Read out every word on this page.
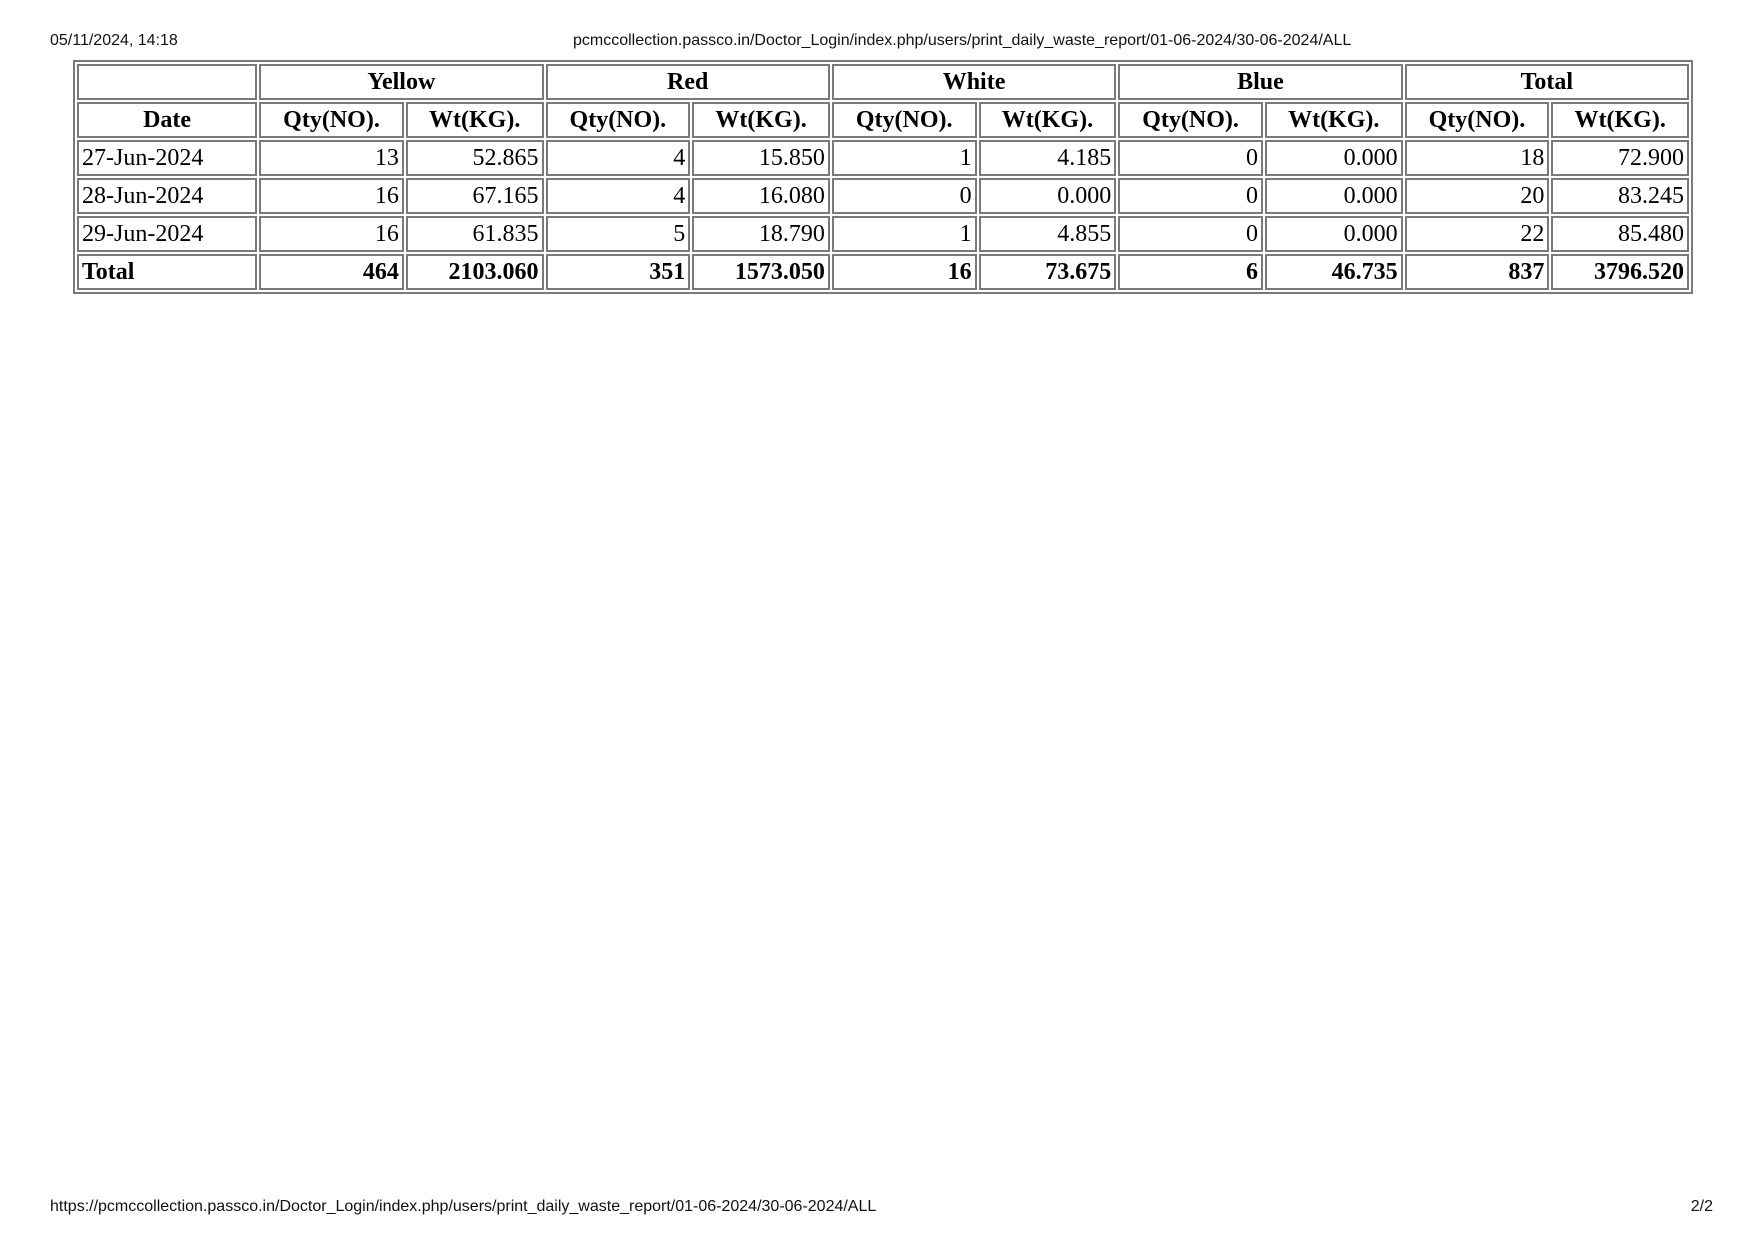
05/11/2024, 14:18	pcmccollection.passco.in/Doctor_Login/index.php/users/print_daily_waste_report/01-06-2024/30-06-2024/ALL
	Yellow		Red		White		Blue		Total	
Date	Qty(NO).	Wt(KG).	Qty(NO).	Wt(KG).	Qty(NO).	Wt(KG).	Qty(NO).	Wt(KG).	Qty(NO).	Wt(KG).
27-Jun-2024	13	52.865	4	15.850	1	4.185	0	0.000	18	72.900
28-Jun-2024	16	67.165	4	16.080	0	0.000	0	0.000	20	83.245
29-Jun-2024	16	61.835	5	18.790	1	4.855	0	0.000	22	85.480
Total	464	2103.060	351	1573.050	16	73.675	6	46.735	837	3796.520
https://pcmccollection.passco.in/Doctor_Login/index.php/users/print_daily_waste_report/01-06-2024/30-06-2024/ALL	2/2
